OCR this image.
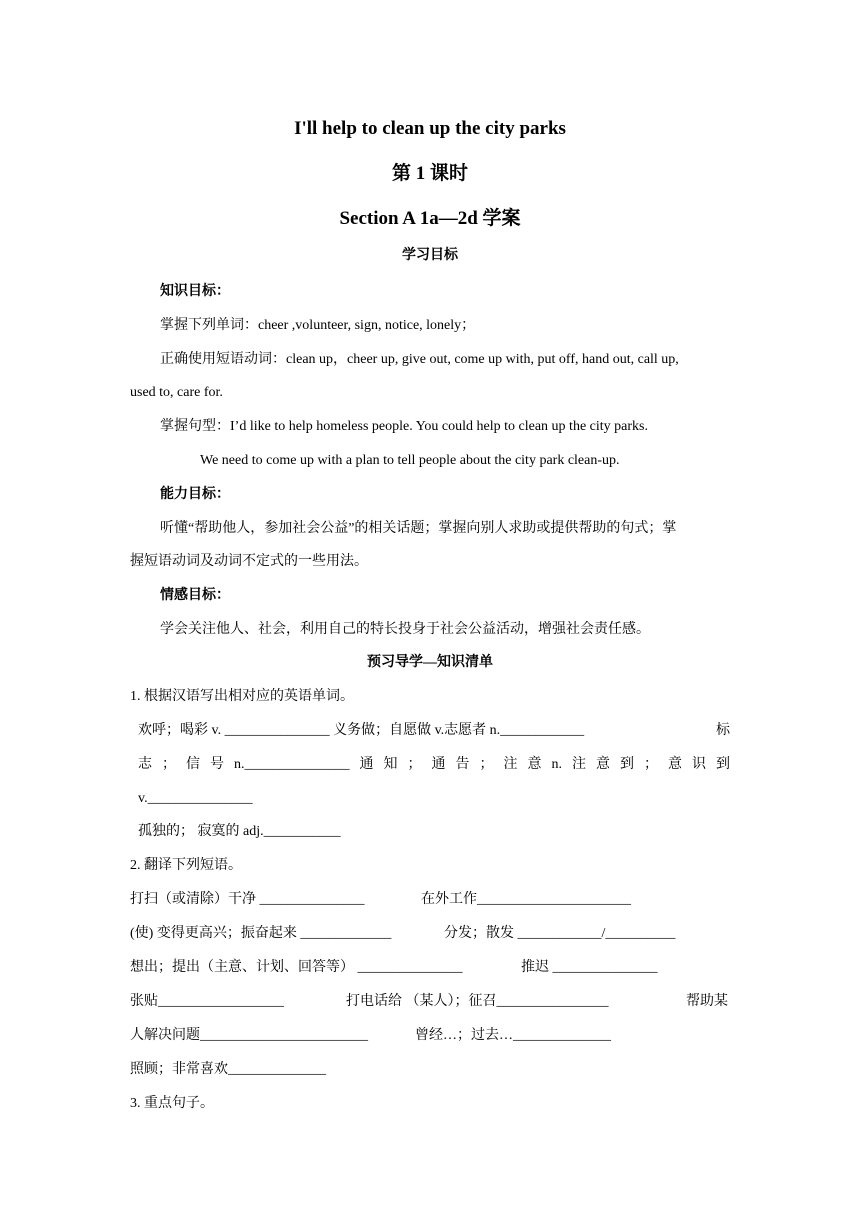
I'll help to clean up the city parks
第 1 课时
Section A 1a—2d 学案
学习目标
知识目标：
掌握下列单词：cheer ,volunteer, sign, notice, lonely；
正确使用短语动词：clean up，cheer up, give out, come up with, put off, hand out, call up,
used to, care for.
掌握句型：I’d like to help homeless people. You could help to clean up the city parks.
We need to come up with a plan to tell people about the city park clean-up.
能力目标：
听懂“帮助他人，参加社会公益”的相关话题；掌握向别人求助或提供帮助的句式；掌
握短语动词及动词不定式的一些用法。
情感目标：
学会关注他人、社会，利用自己的特长投身于社会公益活动，增强社会责任感。
预习导学—知识清单
1. 根据汉语写出相对应的英语单词。
欢呼；喝彩 v. _______________ 义务做；自愿做 v.志愿者 n.____________	标
志 ； 信 号 n._______________ 通 知 ； 通 告 ； 注 意 n. 注 意 到 ； 意 识 到
v._______________
孤独的； 寂寞的 adj.___________
2. 翻译下列短语。
打扫（或清除）干净 _______________	在外工作______________________
(使) 变得更高兴；振奋起来 _____________	分发；散发 ____________/__________
想出；提出（主意、计划、回答等） _______________	推迟 _______________
张贴__________________	打电话给 （某人）；征召________________	帮助某
人解决问题________________________	曾经…；过去…______________
照顾；非常喜欢______________
3. 重点句子。
